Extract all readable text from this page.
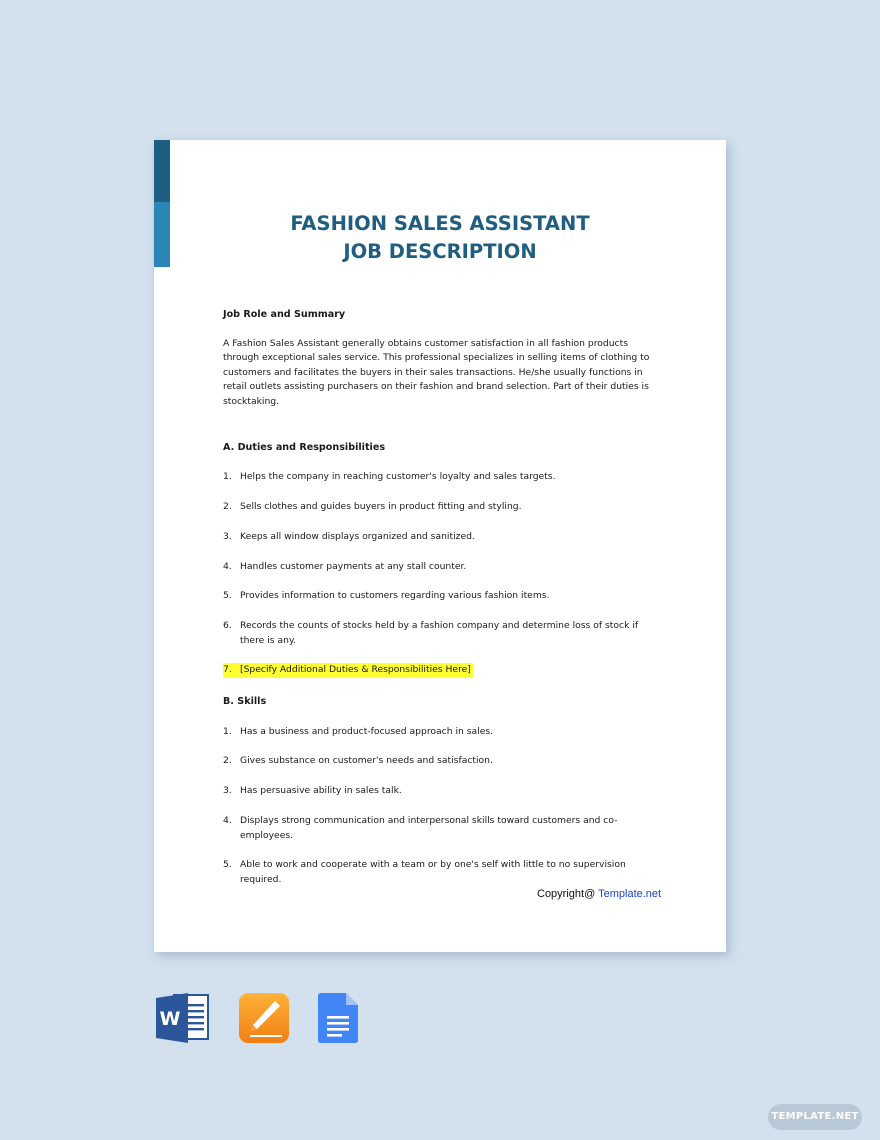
FASHION SALES ASSISTANT
JOB DESCRIPTION

Job Role and Summary

A Fashion Sales Assistant generally obtains customer satisfaction in all fashion products through exceptional sales service. This professional specializes in selling items of clothing to customers and facilitates the buyers in their sales transactions. He/she usually functions in retail outlets assisting purchasers on their fashion and brand selection. Part of their duties is stocktaking.

A. Duties and Responsibilities

1. Helps the company in reaching customer's loyalty and sales targets.
2. Sells clothes and guides buyers in product fitting and styling.
3. Keeps all window displays organized and sanitized.
4. Handles customer payments at any stall counter.
5. Provides information to customers regarding various fashion items.
6. Records the counts of stocks held by a fashion company and determine loss of stock if there is any.
7. [Specify Additional Duties & Responsibilities Here]

B. Skills

1. Has a business and product-focused approach in sales.
2. Gives substance on customer's needs and satisfaction.
3. Has persuasive ability in sales talk.
4. Displays strong communication and interpersonal skills toward customers and co-employees.
5. Able to work and cooperate with a team or by one's self with little to no supervision required.
Copyright@ Template.net
W
TEMPLATE.NET
